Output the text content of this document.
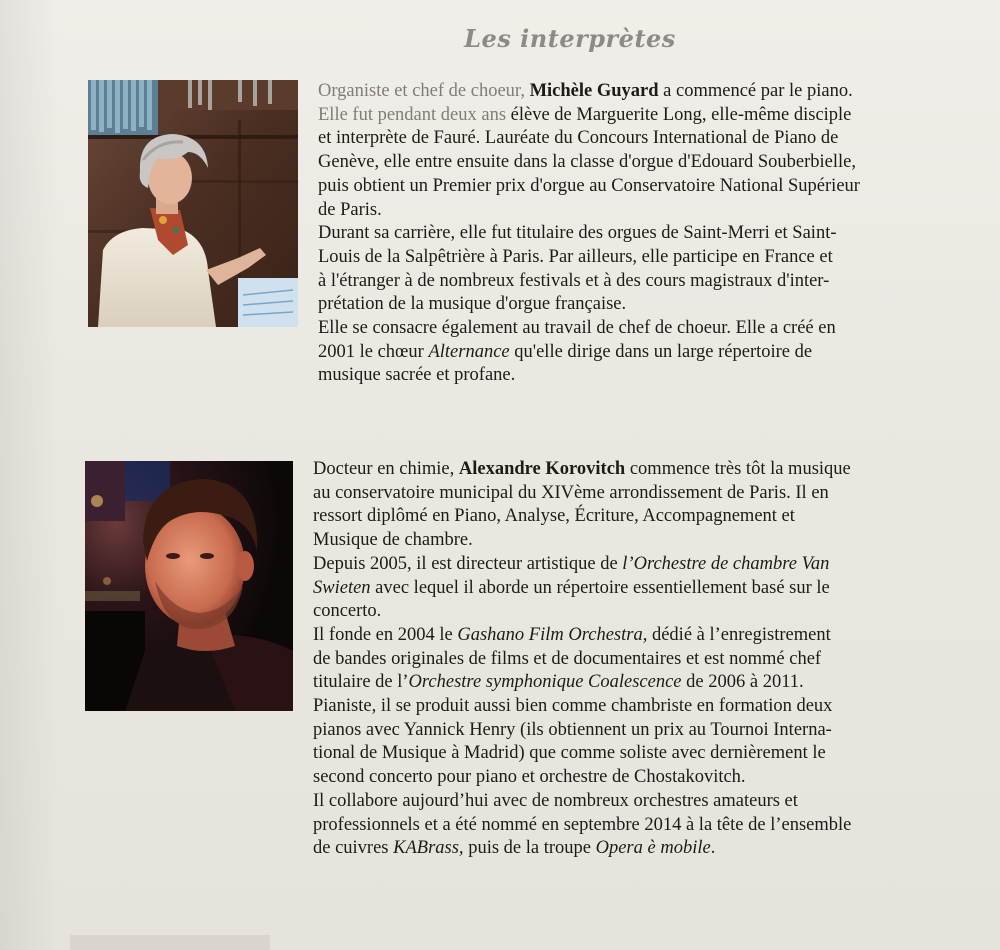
Les interprètes
Organiste et chef de choeur, Michèle Guyard a commencé par le piano.
Elle fut pendant deux ans élève de Marguerite Long, elle-même disciple
et interprète de Fauré. Lauréate du Concours International de Piano de
Genève, elle entre ensuite dans la classe d'orgue d'Edouard Souberbielle,
puis obtient un Premier prix d'orgue au Conservatoire National Supérieur
de Paris.
Durant sa carrière, elle fut titulaire des orgues de Saint-Merri et Saint-
Louis de la Salpêtrière à Paris. Par ailleurs, elle participe en France et
à l'étranger à de nombreux festivals et à des cours magistraux d'inter-
prétation de la musique d'orgue française.
Elle se consacre également au travail de chef de choeur. Elle a créé en
2001 le chœur Alternance qu'elle dirige dans un large répertoire de
musique sacrée et profane.
Docteur en chimie, Alexandre Korovitch commence très tôt la musique
au conservatoire municipal du XIVème arrondissement de Paris. Il en
ressort diplômé en Piano, Analyse, Écriture, Accompagnement et
Musique de chambre.
Depuis 2005, il est directeur artistique de l’Orchestre de chambre Van
Swieten avec lequel il aborde un répertoire essentiellement basé sur le
concerto.
Il fonde en 2004 le Gashano Film Orchestra, dédié à l’enregistrement
de bandes originales de films et de documentaires et est nommé chef
titulaire de l’Orchestre symphonique Coalescence de 2006 à 2011.
Pianiste, il se produit aussi bien comme chambriste en formation deux
pianos avec Yannick Henry (ils obtiennent un prix au Tournoi Interna-
tional de Musique à Madrid) que comme soliste avec dernièrement le
second concerto pour piano et orchestre de Chostakovitch.
Il collabore aujourd’hui avec de nombreux orchestres amateurs et
professionnels et a été nommé en septembre 2014 à la tête de l’ensemble
de cuivres KABrass, puis de la troupe Opera è mobile.
